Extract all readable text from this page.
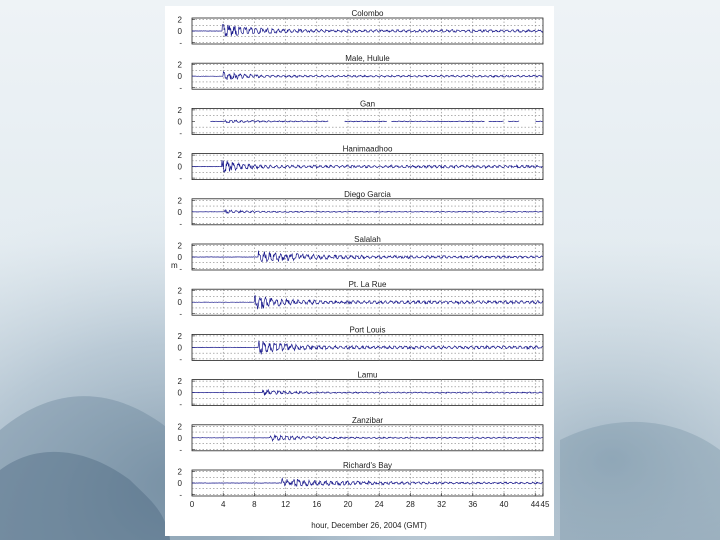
Colombo
2
0
-
Male, Hulule
2
0
-
Gan
2
0
-
Hanimaadhoo
2
0
-
Diego Garcia
2
0
-
Salalah
2
0
-
Pt. La Rue
2
0
-
Port Louis
2
0
-
Lamu
2
0
-
Zanzibar
2
0
-
Richard's Bay
2
0
-
m
0	4	8	12	16	20	24	28	32	36	40	44 45
hour, December 26, 2004 (GMT)
